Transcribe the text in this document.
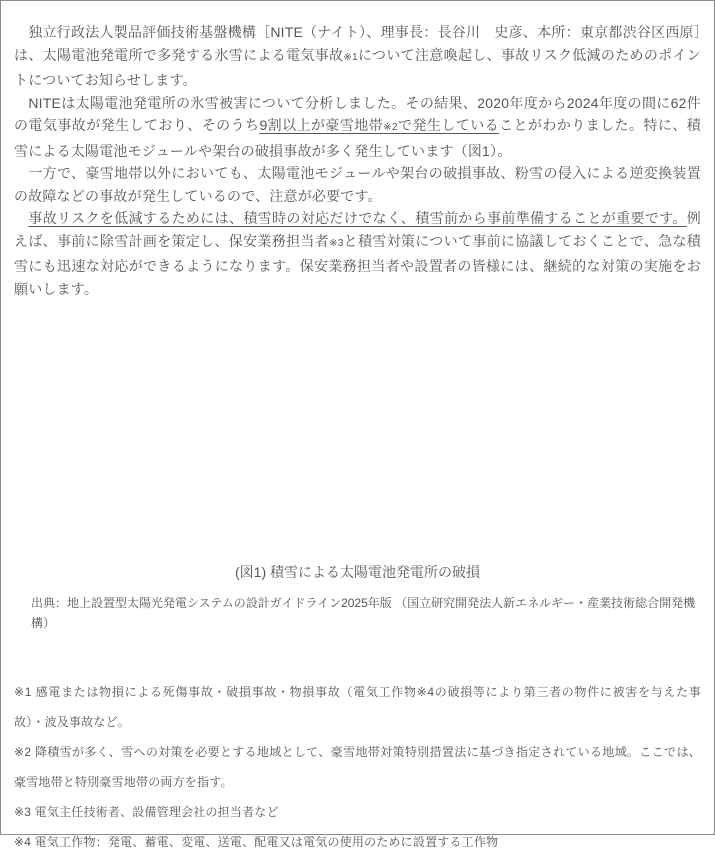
　独立行政法人製品評価技術基盤機構［NITE（ナイト）、理事長：長谷川　史彦、本所：東京都渋谷区西原］は、太陽電池発電所で多発する氷雪による電気事故※1について注意喚起し、事故リスク低減のためのポイントについてお知らせします。

　NITEは太陽電池発電所の氷雪被害について分析しました。その結果、2020年度から2024年度の間に62件の電気事故が発生しており、そのうち9割以上が豪雪地帯※2で発生していることがわかりました。特に、積雪による太陽電池モジュールや架台の破損事故が多く発生しています（図1）。

　一方で、豪雪地帯以外においても、太陽電池モジュールや架台の破損事故、粉雪の侵入による逆変換装置の故障などの事故が発生しているので、注意が必要です。

　事故リスクを低減するためには、積雪時の対応だけでなく、積雪前から事前準備することが重要です。例えば、事前に除雪計画を策定し、保安業務担当者※3と積雪対策について事前に協議しておくことで、急な積雪にも迅速な対応ができるようになります。保安業務担当者や設置者の皆様には、継続的な対策の実施をお願いします。

(図1) 積雪による太陽電池発電所の破損
出典：地上設置型太陽光発電システムの設計ガイドライン2025年版 （国立研究開発法人新エネルギー・産業技術総合開発機構）

※1 感電または物損による死傷事故・破損事故・物損事故（電気工作物※4の破損等により第三者の物件に被害を与えた事故）・波及事故など。

※2 降積雪が多く、雪への対策を必要とする地域として、豪雪地帯対策特別措置法に基づき指定されている地域。ここでは、豪雪地帯と特別豪雪地帯の両方を指す。

※3 電気主任技術者、設備管理会社の担当者など

※4 電気工作物：発電、蓄電、変電、送電、配電又は電気の使用のために設置する工作物
